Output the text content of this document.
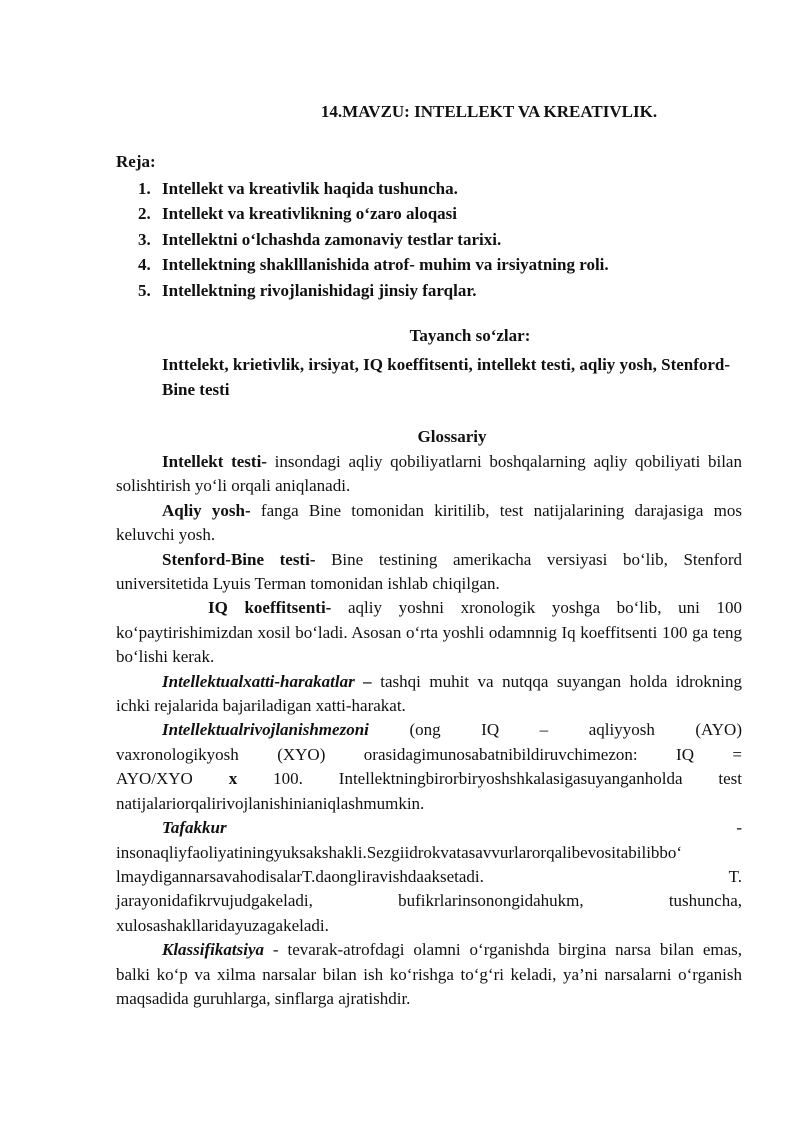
14.MAVZU: INTELLEKT VA KREATIVLIK.
Reja:
1. Intellekt va kreativlik haqida tushuncha.
2. Intellekt va kreativlikning o‘zaro aloqasi
3. Intellektni o‘lchashda zamonaviy testlar tarixi.
4. Intellektning shaklllanishida atrof- muhim va irsiyatning roli.
5. Intellektning rivojlanishidagi jinsiy farqlar.
Tayanch so‘zlar:
Inttelekt, krietivlik, irsiyat, IQ koeffitsenti, intellekt testi, aqliy yosh, Stenford-Bine testi
Glossariy

Intellekt testi- insondagi aqliy qobiliyatlarni boshqalarning aqliy qobiliyati bilan solishtirish yo‘li orqali aniqlanadi.

Aqliy yosh- fanga Bine tomonidan kiritilib, test natijalarining darajasiga mos keluvchi yosh.

Stenford-Bine testi- Bine testining amerikacha versiyasi bo‘lib, Stenford universitetida Lyuis Terman tomonidan ishlab chiqilgan.

IQ koeffitsenti- aqliy yoshni xronologik yoshga bo‘lib, uni 100 ko‘paytirishimizdan xosil bo‘ladi. Asosan o‘rta yoshli odamnnig Iq koeffitsenti 100 ga teng bo‘lishi kerak.

Intellektualxatti-harakatlar – tashqi muhit va nutqqa suyangan holda idrokning ichki rejalarida bajariladigan xatti-harakat.

Intellektualrivojlanishmezoni (ong IQ – aqliyyosh (AYO)
vaxronologikyosh (XYO) orasidagimunosabatnibildiruvchimezon: IQ =
AYO/XYO x 100. Intellektningbirorbiryoshshkalasigasuyanganholda test
natijalariorqalirivojlanishinianiqlashmumkin.
Tafakkur	-
insonaqliyfaoliyatiningyuksakshakli.Sezgiidrokvatasavvurlarorqalibevositabilibbo‘
lmaydigannarsavahodisalarT.daongliravishdaaksetadi.	T.
jarayonidafikrvujudgakeladi,	bufikrlarinsonongidahukm,	tushuncha,
xulosashakllaridayuzagakeladi.

Klassifikatsiya - tevarak-atrofdagi olamni o‘rganishda birgina narsa bilan emas, balki ko‘p va xilma narsalar bilan ish ko‘rishga to‘g‘ri keladi, ya’ni narsalarni o‘rganish maqsadida guruhlarga, sinflarga ajratishdir.
